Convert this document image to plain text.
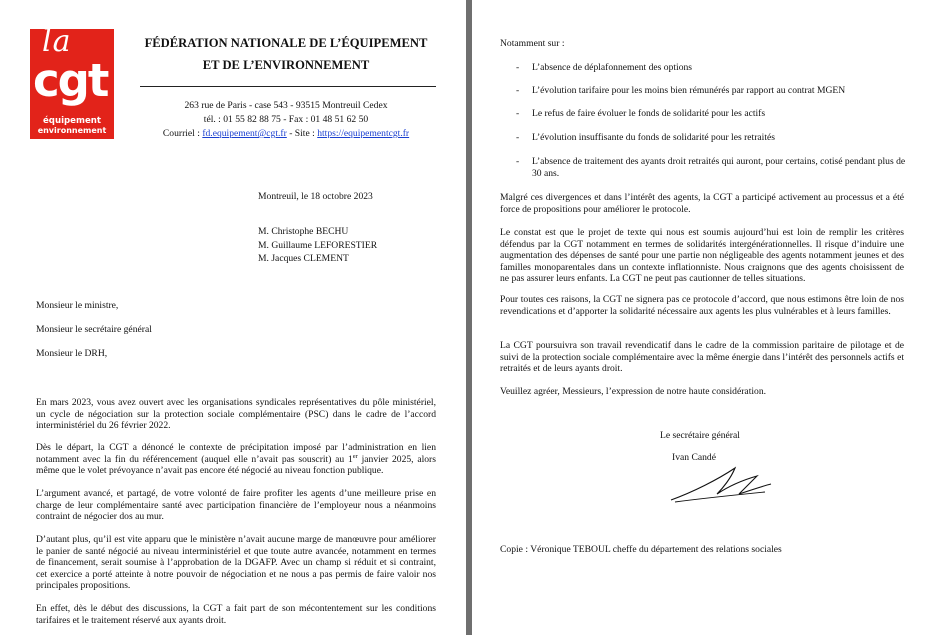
la
cgt
équipement
environnement
FÉDÉRATION NATIONALE DE L’ÉQUIPEMENT
ET DE L’ENVIRONNEMENT
263 rue de Paris - case 543 - 93515 Montreuil Cedex
tél. : 01 55 82 88 75 - Fax : 01 48 51 62 50
Courriel : fd.equipement@cgt.fr - Site : https://equipementcgt.fr
Montreuil, le 18 octobre 2023
M. Christophe BECHU
M. Guillaume LEFORESTIER
M. Jacques CLEMENT
Monsieur le ministre,
Monsieur le secrétaire général
Monsieur le DRH,

En mars 2023, vous avez ouvert avec les organisations syndicales représentatives du pôle ministériel, un cycle de négociation sur la protection sociale complémentaire (PSC) dans le cadre de l’accord interministériel du 26 février 2022.

Dès le départ, la CGT a dénoncé le contexte de précipitation imposé par l’administration en lien notamment avec la fin du référencement (auquel elle n’avait pas souscrit) au 1er janvier 2025, alors même que le volet prévoyance n’avait pas encore été négocié au niveau fonction publique.

L’argument avancé, et partagé, de votre volonté de faire profiter les agents d’une meilleure prise en charge de leur complémentaire santé avec participation financière de l’employeur nous a néanmoins contraint de négocier dos au mur.

D’autant plus, qu’il est vite apparu que le ministère n’avait aucune marge de manœuvre pour améliorer le panier de santé négocié au niveau interministériel et que toute autre avancée, notamment en termes de financement, serait soumise à l’approbation de la DGAFP. Avec un champ si réduit et si contraint, cet exercice a porté atteinte à notre pouvoir de négociation et ne nous a pas permis de faire valoir nos principales propositions.

En effet, dès le début des discussions, la CGT a fait part de son mécontentement sur les conditions tarifaires et le traitement réservé aux ayants droit.

Notamment sur :
- L’absence de déplafonnement des options
- L’évolution tarifaire pour les moins bien rémunérés par rapport au contrat MGEN
- Le refus de faire évoluer le fonds de solidarité pour les actifs
- L’évolution insuffisante du fonds de solidarité pour les retraités
- L’absence de traitement des ayants droit retraités qui auront, pour certains, cotisé pendant plus de 30 ans.

Malgré ces divergences et dans l’intérêt des agents, la CGT a participé activement au processus et a été force de propositions pour améliorer le protocole.

Le constat est que le projet de texte qui nous est soumis aujourd’hui est loin de remplir les critères défendus par la CGT notamment en termes de solidarités intergénérationnelles. Il risque d’induire une augmentation des dépenses de santé pour une partie non négligeable des agents notamment jeunes et des familles monoparentales dans un contexte inflationniste. Nous craignons que des agents choisissent de ne pas assurer leurs enfants. La CGT ne peut pas cautionner de telles situations.

Pour toutes ces raisons, la CGT ne signera pas ce protocole d’accord, que nous estimons être loin de nos revendications et d’apporter la solidarité nécessaire aux agents les plus vulnérables et à leurs familles.

La CGT poursuivra son travail revendicatif dans le cadre de la commission paritaire de pilotage et de suivi de la protection sociale complémentaire avec la même énergie dans l’intérêt des personnels actifs et retraités et de leurs ayants droit.

Veuillez agréer, Messieurs, l’expression de notre haute considération.

Le secrétaire général
Ivan Candé
Copie : Véronique TEBOUL cheffe du département des relations sociales
